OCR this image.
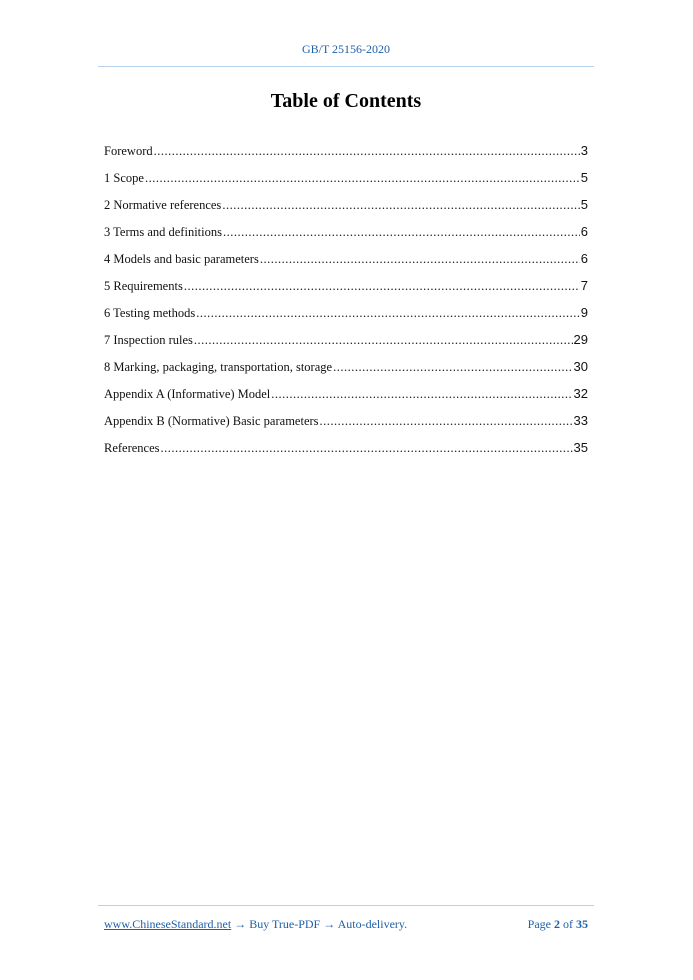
GB/T 25156-2020
Table of Contents
Foreword .....	3
1 Scope .....	5
2 Normative references .....	5
3 Terms and definitions .....	6
4 Models and basic parameters .....	6
5 Requirements .....	7
6 Testing methods .....	9
7 Inspection rules .....	29
8 Marking, packaging, transportation, storage .....	30
Appendix A (Informative) Model .....	32
Appendix B (Normative) Basic parameters .....	33
References .....	35
www.ChineseStandard.net → Buy True-PDF → Auto-delivery.	Page 2 of 35
